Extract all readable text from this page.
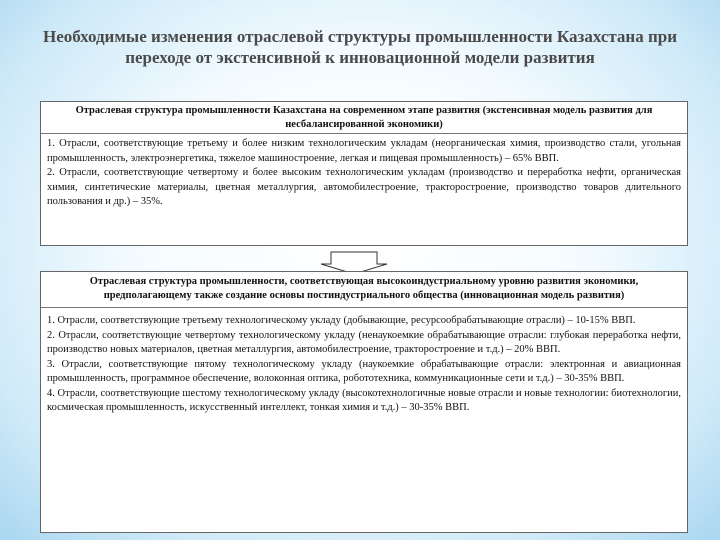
Необходимые изменения отраслевой структуры промышленности Казахстана при переходе от экстенсивной к инновационной модели развития
Отраслевая структура промышленности Казахстана на современном этапе развития (экстенсивная модель развития для несбалансированной экономики)

1. Отрасли, соответствующие третьему и более низким технологическим укладам (неорганическая химия, производство стали, угольная промышленность, электроэнергетика, тяжелое машиностроение, легкая и пищевая промышленность) – 65% ВВП.

2. Отрасли, соответствующие четвертому и более высоким технологическим укладам (производство и переработка нефти, органическая химия, синтетические материалы, цветная металлургия, автомобилестроение, тракторостроение, производство товаров длительного пользования и др.) – 35%.

Отраслевая структура промышленности, соответствующая высокоиндустриальному уровню развития экономики, предполагающему также создание основы постиндустриального общества (инновационная модель развития)

1. Отрасли, соответствующие третьему технологическому укладу (добывающие, ресурсообрабатывающие отрасли) – 10-15% ВВП.

2. Отрасли, соответствующие четвертому технологическому укладу (ненаукоемкие обрабатывающие отрасли: глубокая переработка нефти, производство новых материалов, цветная металлургия, автомобилестроение, тракторостроение и т.д.) – 20% ВВП.

3. Отрасли, соответствующие пятому технологическому укладу (наукоемкие обрабатывающие отрасли: электронная и авиационная промышленность, программное обеспечение, волоконная оптика, робототехника, коммуникационные сети и т.д.) – 30-35% ВВП.

4. Отрасли, соответствующие шестому технологическому укладу (высокотехнологичные новые отрасли и новые технологии: биотехнологии, космическая промышленность, искусственный интеллект, тонкая химия и т.д.) – 30-35% ВВП.
